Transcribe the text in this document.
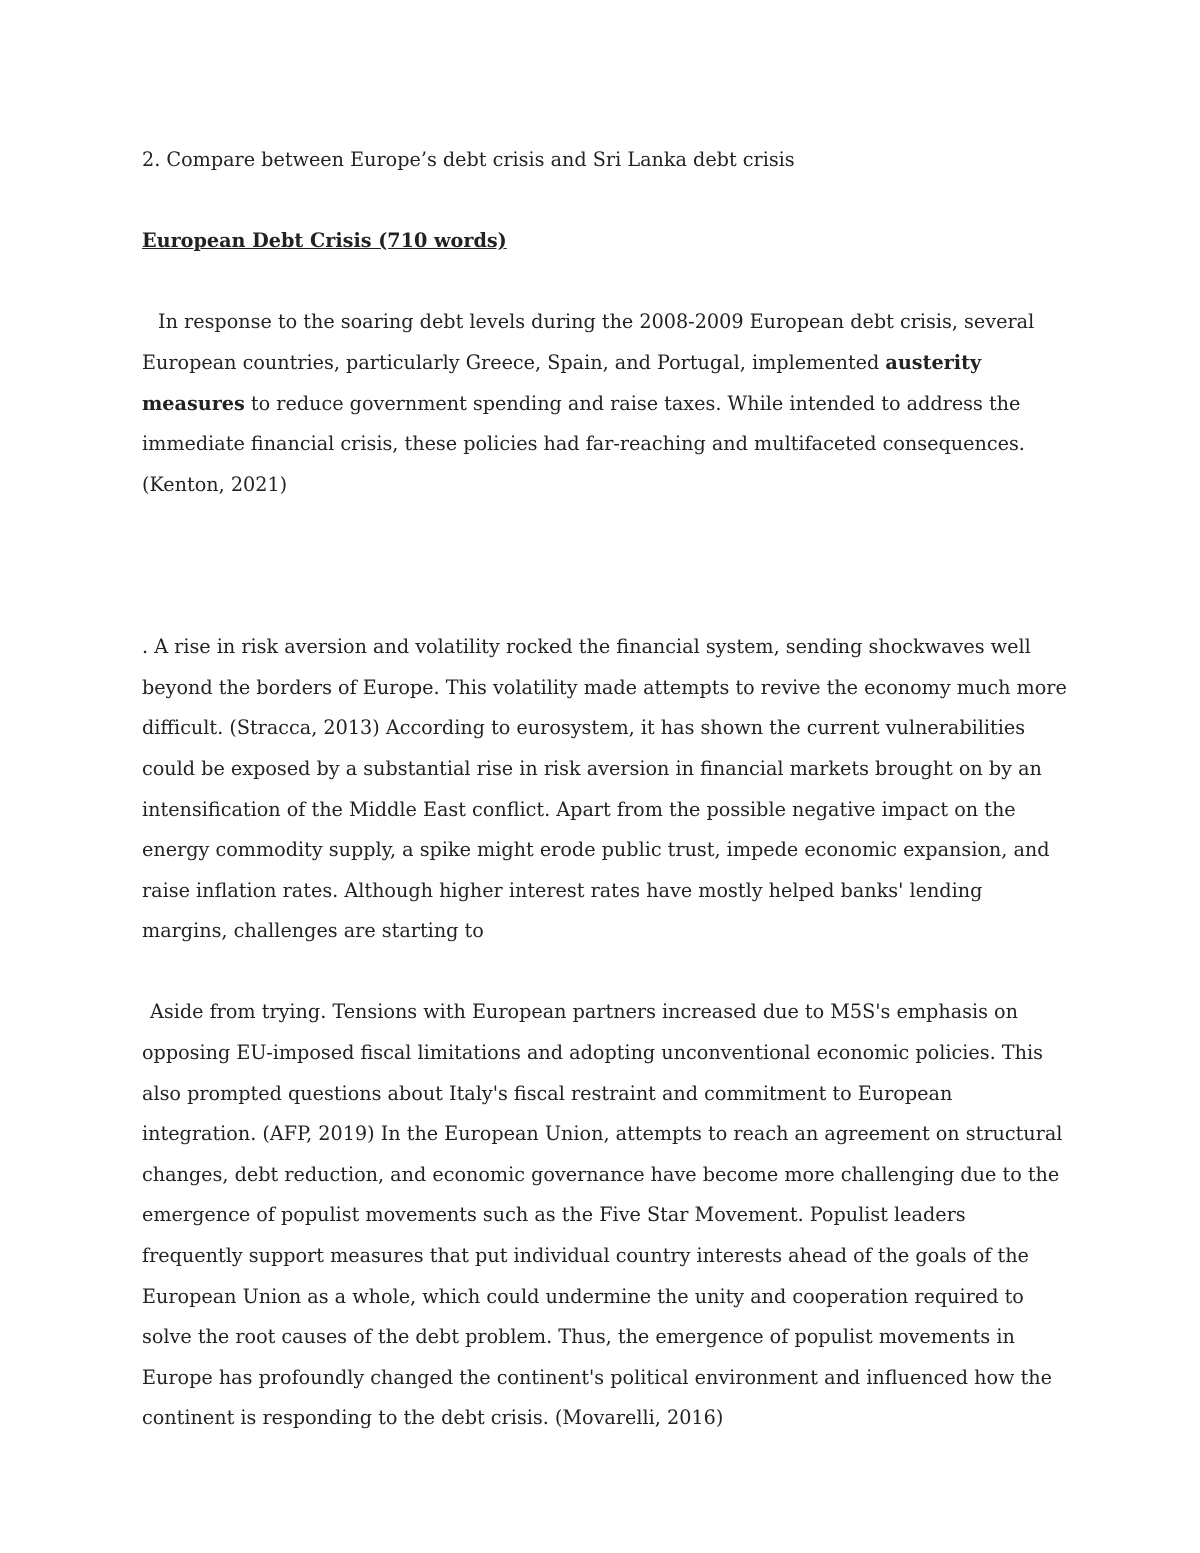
2. Compare between Europe’s debt crisis and Sri Lanka debt crisis

European Debt Crisis (710 words)

In response to the soaring debt levels during the 2008-2009 European debt crisis, several European countries, particularly Greece, Spain, and Portugal, implemented austerity measures to reduce government spending and raise taxes. While intended to address the immediate financial crisis, these policies had far-reaching and multifaceted consequences. (Kenton, 2021)

. A rise in risk aversion and volatility rocked the financial system, sending shockwaves well beyond the borders of Europe. This volatility made attempts to revive the economy much more difficult. (Stracca, 2013) According to eurosystem, it has shown the current vulnerabilities could be exposed by a substantial rise in risk aversion in financial markets brought on by an intensification of the Middle East conflict. Apart from the possible negative impact on the energy commodity supply, a spike might erode public trust, impede economic expansion, and raise inflation rates. Although higher interest rates have mostly helped banks' lending margins, challenges are starting to

Aside from trying. Tensions with European partners increased due to M5S's emphasis on opposing EU-imposed fiscal limitations and adopting unconventional economic policies. This also prompted questions about Italy's fiscal restraint and commitment to European integration. (AFP, 2019) In the European Union, attempts to reach an agreement on structural changes, debt reduction, and economic governance have become more challenging due to the emergence of populist movements such as the Five Star Movement. Populist leaders frequently support measures that put individual country interests ahead of the goals of the European Union as a whole, which could undermine the unity and cooperation required to solve the root causes of the debt problem. Thus, the emergence of populist movements in Europe has profoundly changed the continent's political environment and influenced how the continent is responding to the debt crisis. (Movarelli, 2016)
